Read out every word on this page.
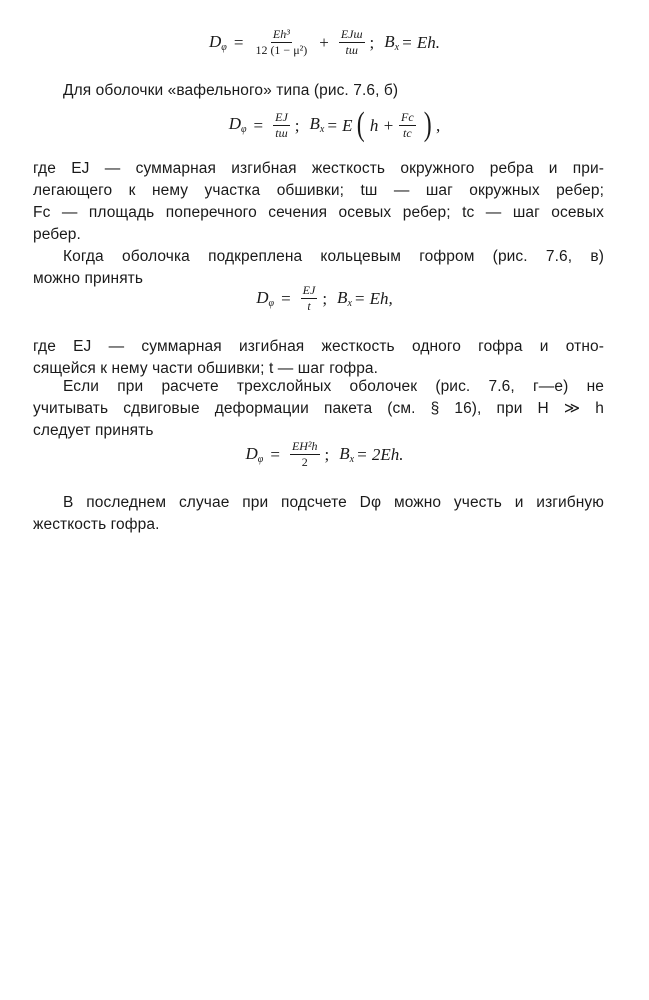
$D_\varphi = \frac{\text{Eh³}}{\text{12 (1 − μ²)}} + \frac{\text{EJш}}{tш}$ ; $B_x = Eh$.
Для оболочки «вафельного» типа (рис. 7.6, б)
$D_\varphi = \frac{EJ}{tш}$ ; $B_x = E$ ( $h + \frac{Fc}{tc}$ ) ,
где EJ — суммарная изгибная жесткость окружного ребра и при-
легающего к нему участка обшивки; tш — шаг окружных ребер;
Fс — площадь поперечного сечения осевых ребер; tс — шаг осевых
ребер.
Когда оболочка подкреплена кольцевым гофром (рис. 7.6, в)
можно принять
$D_\varphi = \frac{EJ}{t}$ ; $B_x = Eh$,
где EJ — суммарная изгибная жесткость одного гофра и отно-
сящейся к нему части обшивки; t — шаг гофра.
Если при расчете трехслойных оболочек (рис. 7.6, г—е) не
учитывать сдвиговые деформации пакета (см. § 16), при H ≫ h
следует принять
$D_\varphi = \frac{\text{EH²h}}{2}$ ; $B_x = 2Eh$.
В последнем случае при подсчете Dφ можно учесть и изгибную
жесткость гофра.
